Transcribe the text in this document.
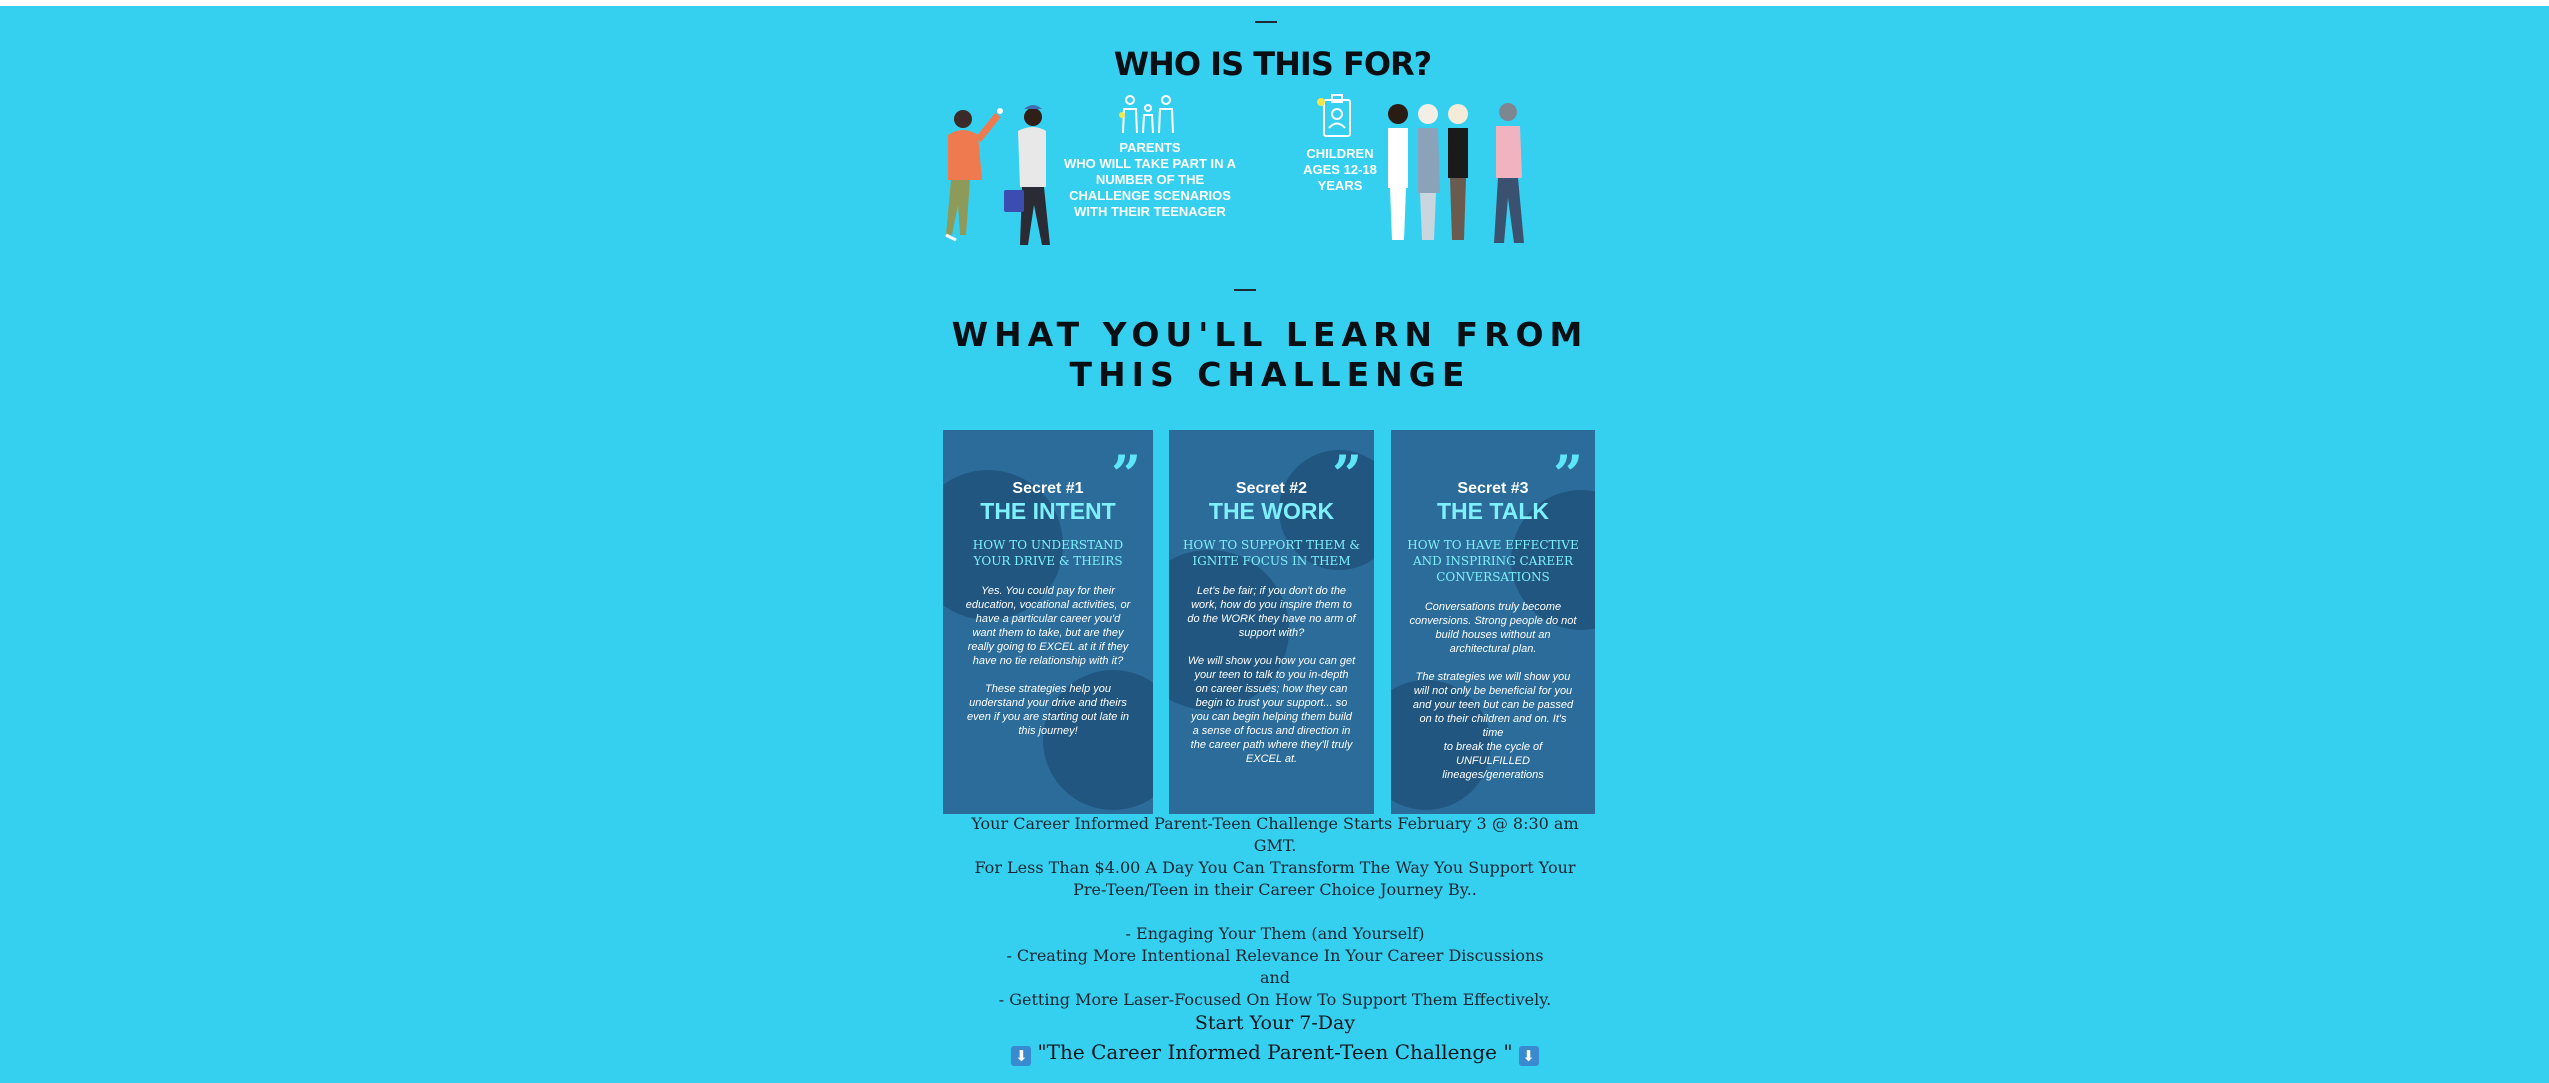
WHO IS THIS FOR?
PARENTS
WHO WILL TAKE PART IN A
NUMBER OF THE
CHALLENGE SCENARIOS
WITH THEIR TEENAGER
CHILDREN
AGES 12-18
YEARS
WHAT YOU'LL LEARN FROM
THIS CHALLENGE
”
Secret #1
THE INTENT
HOW TO UNDERSTAND
YOUR DRIVE & THEIRS
Yes. You could pay for their
education, vocational activities, or
have a particular career you'd
want them to take, but are they
really going to EXCEL at it if they
have no tie relationship with it?

These strategies help you
understand your drive and theirs
even if you are starting out late in
this journey!
”
Secret #2
THE WORK
HOW TO SUPPORT THEM &
IGNITE FOCUS IN THEM
Let's be fair; if you don't do the
work, how do you inspire them to
do the WORK they have no arm of
support with?

We will show you how you can get
your teen to talk to you in-depth
on career issues; how they can
begin to trust your support... so
you can begin helping them build
a sense of focus and direction in
the career path where they'll truly
EXCEL at.
”
Secret #3
THE TALK
HOW TO HAVE EFFECTIVE
AND INSPIRING CAREER
CONVERSATIONS
Conversations truly become
conversions. Strong people do not
build houses without an
architectural plan.

The strategies we will show you
will not only be beneficial for you
and your teen but can be passed
on to their children and on. It's time
to break the cycle of UNFULFILLED
lineages/generations
Your Career Informed Parent-Teen Challenge Starts February 3 @ 8:30 am
GMT.
For Less Than $4.00 A Day You Can Transform The Way You Support Your
Pre-Teen/Teen in their Career Choice Journey By..

- Engaging Your Them (and Yourself)
- Creating More Intentional Relevance In Your Career Discussions
and
- Getting More Laser-Focused On How To Support Them Effectively.
Start Your 7-Day
⬇ "The Career Informed Parent-Teen Challenge " ⬇
